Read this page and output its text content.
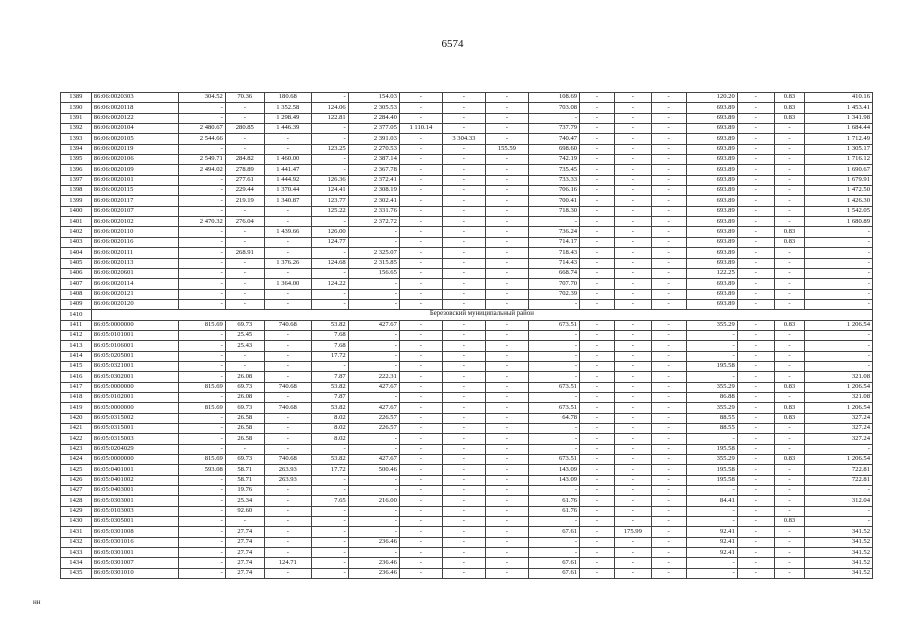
6574
1389	86:06:0020303	304.52	70.36	180.68	-	154.03	-	-	-	108.69	-	-	-	120.20	-	0.83	410.16
1390	86:06:0020118	-	-	1 352.58	124.06	2 305.53	-	-	-	703.08	-	-	-	693.89	-	0.83	1 453.41
1391	86:06:0020122	-	-	1 298.49	122.81	2 284.40	-	-	-	-	-	-	-	693.89	-	0.83	1 341.98
1392	86:06:0020104	2 480.67	280.85	1 446.39	-	2 377.05	1 110.14	-	-	737.79	-	-	-	693.89	-	-	1 684.44
1393	86:06:0020105	2 544.66	-	-	-	2 391.03	-	3 304.33	-	740.47	-	-	-	693.89	-	-	1 712.49
1394	86:06:0020119	-	-	-	123.25	2 270.53	-	-	155.59	698.60	-	-	-	693.89	-	-	1 305.17
1395	86:06:0020106	2 549.71	284.82	1 460.00	-	2 387.14	-	-	-	742.19	-	-	-	693.89	-	-	1 716.12
1396	86:06:0020109	2 494.02	278.89	1 441.47	-	2 367.78	-	-	-	735.45	-	-	-	693.89	-	-	1 690.67
1397	86:06:0020101	-	277.61	1 444.92	126.36	2 372.41	-	-	-	733.33	-	-	-	693.89	-	-	1 679.91
1398	86:06:0020115	-	229.44	1 370.44	124.41	2 308.19	-	-	-	706.16	-	-	-	693.89	-	-	1 472.50
1399	86:06:0020117	-	219.19	1 340.87	123.77	2 302.41	-	-	-	700.41	-	-	-	693.89	-	-	1 426.30
1400	86:06:0020107	-	-	-	125.22	2 331.76	-	-	-	718.30	-	-	-	693.89	-	-	1 542.05
1401	86:06:0020102	2 470.32	276.04	-	-	2 372.72	-	-	-	-	-	-	-	693.89	-	-	1 680.89
1402	86:06:0020110	-	-	1 439.66	126.00	-	-	-	-	736.24	-	-	-	693.89	-	0.83	-
1403	86:06:0020116	-	-	-	124.77	-	-	-	-	714.17	-	-	-	693.89	-	0.83	-
1404	86:06:0020111	-	268.91	-	-	2 325.07	-	-	-	718.43	-	-	-	693.89	-	-	-
1405	86:06:0020113	-	-	1 376.26	124.68	2 315.85	-	-	-	714.43	-	-	-	693.89	-	-	-
1406	86:06:0020601	-	-	-	-	156.65	-	-	-	668.74	-	-	-	122.25	-	-	-
1407	86:06:0020114	-	-	1 364.00	124.22	-	-	-	-	707.70	-	-	-	693.89	-	-	-
1408	86:06:0020121	-	-	-	-	-	-	-	-	702.39	-	-	-	693.89	-	-	-
1409	86:06:0020120	-	-	-	-	-	-	-	-	-	-	-	-	693.89	-	-	-
1410	Березовский муниципальный район																
1411	86:05:0000000	815.69	69.73	740.68	53.82	427.67	-	-	-	673.51	-	-	-	355.29	-	0.83	1 206.54
1412	86:05:0101001	-	25.45	-	7.68	-	-	-	-	-	-	-	-	-	-	-	-
1413	86:05:0106001	-	25.43	-	7.68	-	-	-	-	-	-	-	-	-	-	-	-
1414	86:05:0205001	-	-	-	17.72	-	-	-	-	-	-	-	-	-	-	-	-
1415	86:05:0321001	-	-	-	-	-	-	-	-	-	-	-	-	195.58	-	-	-
1416	86:05:0302001	-	26.08	-	7.87	222.31	-	-	-	-	-	-	-	-	-	-	321.08
1417	86:05:0000000	815.69	69.73	740.68	53.82	427.67	-	-	-	673.51	-	-	-	355.29	-	0.83	1 206.54
1418	86:05:0102001	-	26.08	-	7.87	-	-	-	-	-	-	-	-	86.88	-	-	321.08
1419	86:05:0000000	815.69	69.73	740.68	53.82	427.67	-	-	-	673.51	-	-	-	355.29	-	0.83	1 206.54
1420	86:05:0315002	-	26.58	-	8.02	226.57	-	-	-	64.78	-	-	-	88.55	-	0.83	327.24
1421	86:05:0315001	-	26.58	-	8.02	226.57	-	-	-	-	-	-	-	88.55	-	-	327.24
1422	86:05:0315003	-	26.58	-	8.02	-	-	-	-	-	-	-	-	-	-	-	327.24
1423	86:05:0204029	-	-	-	-	-	-	-	-	-	-	-	-	195.58	-	-	-
1424	86:05:0000000	815.69	69.73	740.68	53.82	427.67	-	-	-	673.51	-	-	-	355.29	-	0.83	1 206.54
1425	86:05:0401001	593.08	58.71	263.93	17.72	500.46	-	-	-	143.09	-	-	-	195.58	-	-	722.81
1426	86:05:0401002	-	58.71	263.93	-	-	-	-	-	143.09	-	-	-	195.58	-	-	722.81
1427	86:05:0403001	-	19.76	-	-	-	-	-	-	-	-	-	-	-	-	-	-
1428	86:05:0303001	-	25.34	-	7.65	216.00	-	-	-	61.76	-	-	-	84.41	-	-	312.04
1429	86:05:0103003	-	92.60	-	-	-	-	-	-	61.76	-	-	-	-	-	-	-
1430	86:05:0305001	-	-	-	-	-	-	-	-	-	-	-	-	-	-	0.83	-
1431	86:05:0301008	-	27.74	-	-	-	-	-	-	67.61	-	175.99	-	92.41	-	-	341.52
1432	86:05:0301016	-	27.74	-	-	236.46	-	-	-	-	-	-	-	92.41	-	-	341.52
1433	86:05:0301001	-	27.74	-	-	-	-	-	-	-	-	-	-	92.41	-	-	341.52
1434	86:05:0301007	-	27.74	124.71	-	236.46	-	-	-	67.61	-	-	-	-	-	-	341.52
1435	86:05:0301010	-	27.74	-	-	236.46	-	-	-	67.61	-	-	-	-	-	-	341.52
нн
